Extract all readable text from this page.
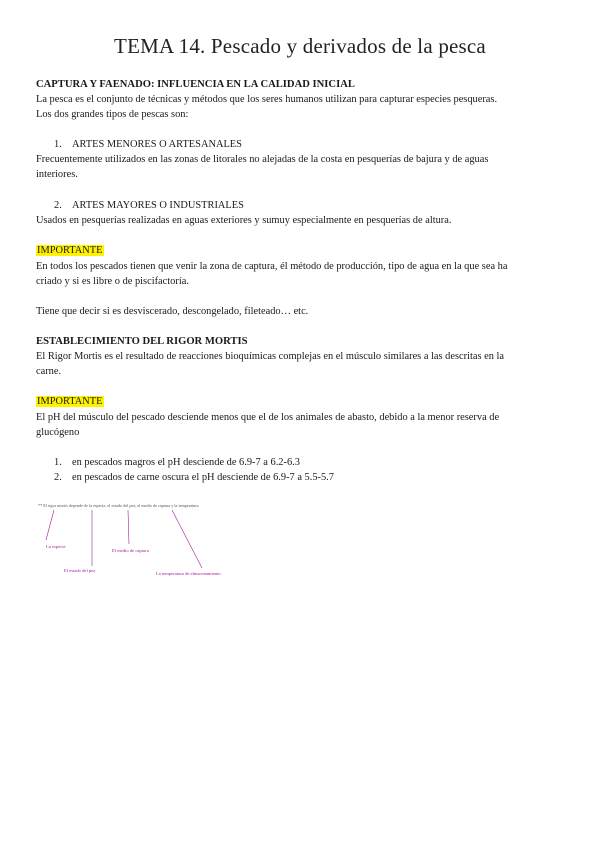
TEMA 14. Pescado y derivados de la pesca
CAPTURA Y FAENADO: INFLUENCIA EN LA CALIDAD INICIAL
La pesca es el conjunto de técnicas y métodos que los seres humanos utilizan para capturar especies pesqueras.
Los dos grandes tipos de pescas son:
1. ARTES MENORES O ARTESANALES
Frecuentemente utilizados en las zonas de litorales no alejadas de la costa en pesquerías de bajura y de aguas
interiores.
2. ARTES MAYORES O INDUSTRIALES
Usados en pesquerías realizadas en aguas exteriores y sumuy especialmente en pesquerías de altura.
IMPORTANTE
En todos los pescados tienen que venir la zona de captura, él método de producción, tipo de agua en la que sea ha
criado y si es libre o de piscifactoría.
Tiene que decir si es desviscerado, descongelado, fileteado… etc.
ESTABLECIMIENTO DEL RIGOR MORTIS
El Rigor Mortis es el resultado de reacciones bioquímicas complejas en el músculo similares a las descritas en la
carne.
IMPORTANTE
El pH del músculo del pescado desciende menos que el de los animales de abasto, debido a la menor reserva de
glucógeno
1. en pescados magros el pH desciende de 6.9-7 a 6.2-6.3
2. en pescados de carne oscura el pH desciende de 6.9-7 a 5.5-5.7
** El rigor mortis depende de la especie, el estado del pez, el medio de captura y la temperatura
La especie
El estado del pez
El medio de captura
La temperatura de almacenamiento
